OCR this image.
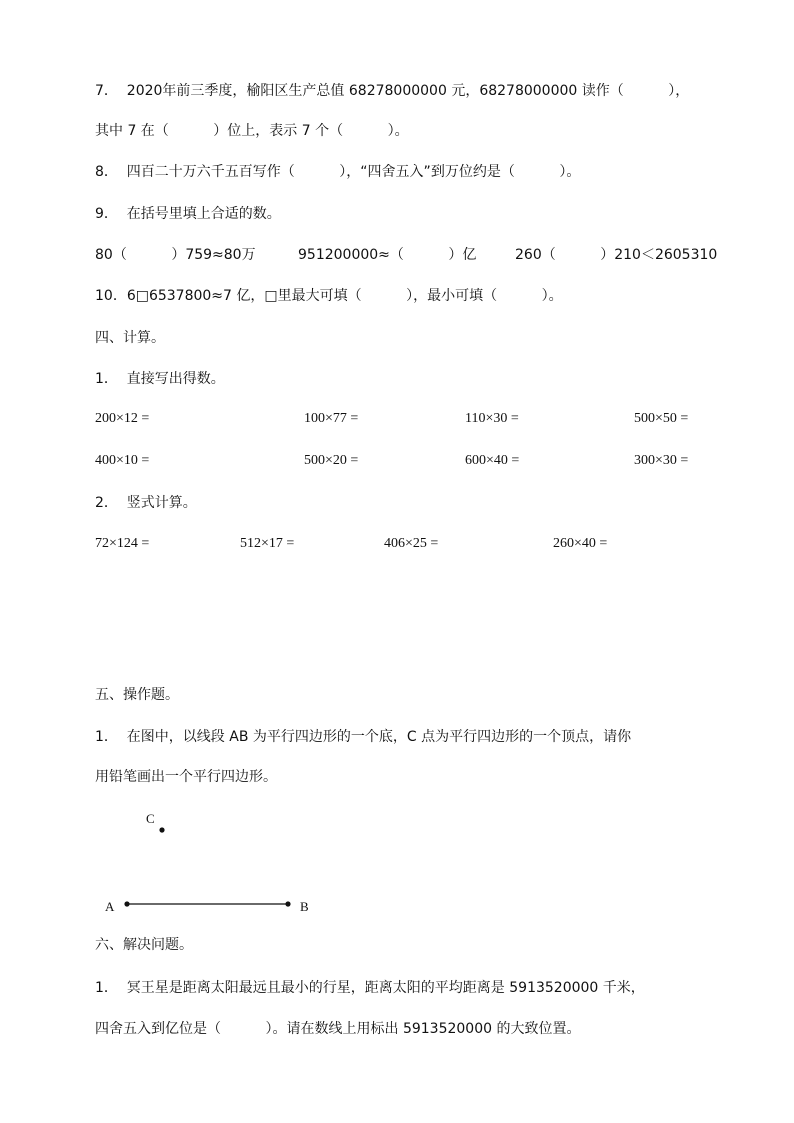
7．  2020年前三季度，榆阳区生产总值 68278000000 元，68278000000 读作（          ），
其中 7 在（          ）位上，表示 7 个（          ）。
8．  四百二十万六千五百写作（          ），“四舍五入”到万位约是（          ）。
9．  在括号里填上合适的数。
80（          ）759≈80万	951200000≈（          ）亿	260（          ）210＜2605310
10．6□6537800≈7 亿，□里最大可填（          ），最小可填（          ）。
四、计算。
1．  直接写出得数。
200×12 =	100×77 =	110×30 =	500×50 =
400×10 =	500×20 =	600×40 =	300×30 =
2．  竖式计算。
72×124 =	512×17 =	406×25 =	260×40 =
五、操作题。
1．  在图中，以线段 AB 为平行四边形的一个底，C 点为平行四边形的一个顶点，请你
用铅笔画出一个平行四边形。
C
A	B
六、解决问题。
1．  冥王星是距离太阳最远且最小的行星，距离太阳的平均距离是 5913520000 千米，
四舍五入到亿位是（          ）。请在数线上用标出 5913520000 的大致位置。
